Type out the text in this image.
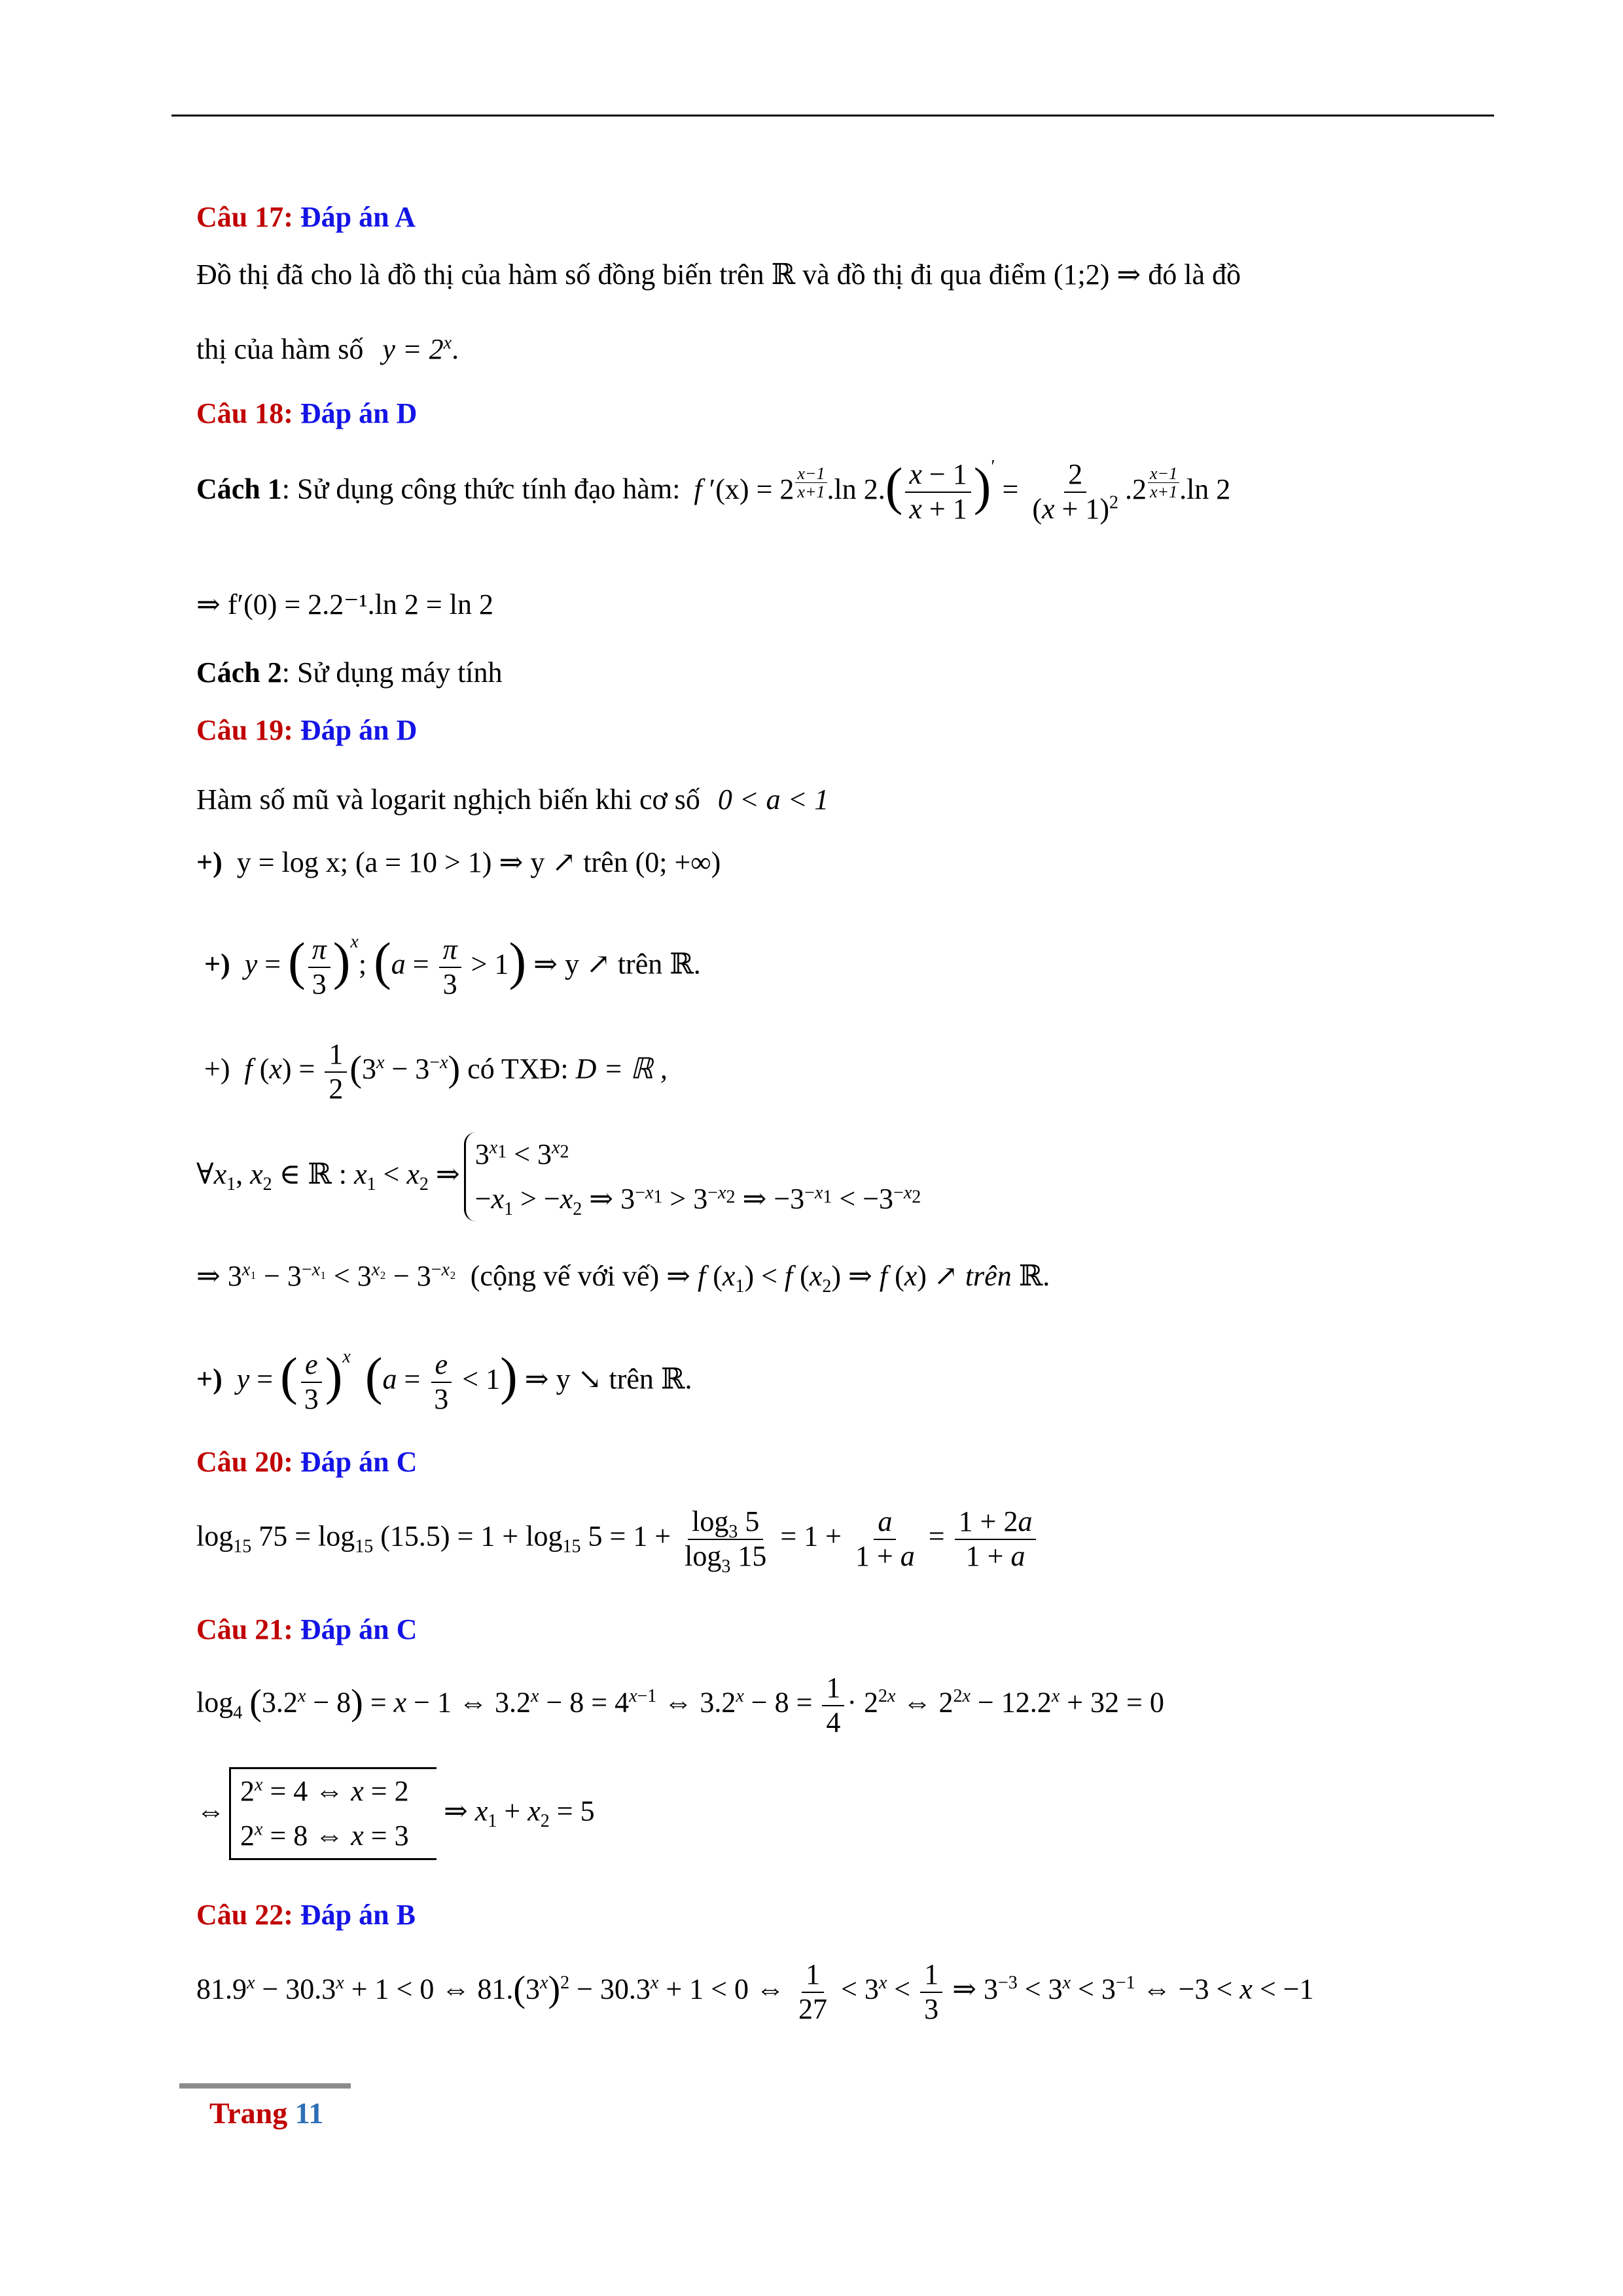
Câu 17: Đáp án A
Đồ thị đã cho là đồ thị của hàm số đồng biến trên ℝ và đồ thị đi qua điểm (1;2) ⇒ đó là đồ
thị của hàm số $y = 2^x$.
Câu 18: Đáp án D
Cách 1: Sử dụng công thức tính đạo hàm: f $'(x) = 2 \frac{x-1}{x+1} .\ln$ $2.( \frac{x - 1}{x + 1} )' = \frac{2}{(x + 1)^2} .2 \frac{x-1}{x+1} .\ln$ 2
⇒ f′(0) = 2.2⁻¹.ln 2 = ln 2
Cách 2: Sử dụng máy tính
Câu 19: Đáp án D
Hàm số mũ và logarit nghịch biến khi cơ số 0 < a < 1
+) y = log x; (a = 10 > 1) ⇒ y ↗ trên (0; +∞)
+) y = ( $\frac{\pi}{3} )^x$; $(a = \frac{\pi}{3} > 1)$ ⇒ y ↗ trên ℝ.
+)  f $(x) = \frac{1}{2} (3^x - 3^{-x})$ có TXĐ: D = ℝ ,
$\forall x_1$, $x_2$ ∈ ℝ : $x_1 < x_2$ ⇒
$3^{x_1} < 3^{x_2}$
$-x_1 > -x_2$ ⇒ $3^{-x_1} > 3^{-x_2}$ ⇒ $-3^{-x_1} < -3^{-x_2}$
⇒ $3^{x_1} - 3^{-x_1} < 3^{x_2} - 3^{-x_2}$ (cộng vế với vế) ⇒ f $(x_1) < f$ $(x_2)$ ⇒ f (x) ↗ trên ℝ.
+) y = ( $\frac{e}{3} )^x$ $(a = \frac{e}{3} < 1)$ ⇒ y ↘ trên ℝ.
Câu 20: Đáp án C
$\log_{15} 75 = \log_{15} (15.5) = 1 + \log_{15} 5 = 1 + \frac{\log_3 5}{\log_3 15} = 1 + \frac{a}{1 + a} = \frac{1 + 2a}{1 + a}$
Câu 21: Đáp án C
$\log_4 (3.2^x - 8) = x - 1$ ⇔ $3.2^x - 8 = 4^{x-1}$ ⇔ $3.2^x - 8 = \frac{1}{4} \cdot 2^{2x}$ ⇔ $2^{2x} - 12.2^x + 32 = 0$
⇔
$2^x = 4$ ⇔ x = 2
$2^x = 8$ ⇔ x = 3
⇒ $x_1 + x_2 = 5$
Câu 22: Đáp án B
$81.9^x - 30.3^x + 1 < 0$ ⇔ $81.(3^x)^2 - 30.3^x + 1 < 0$ ⇔ $\frac{1}{27} < 3^x < \frac{1}{3}$ ⇒ $3^{-3} < 3^x < 3^{-1}$ ⇔ −3 < x < −1
Trang 11
